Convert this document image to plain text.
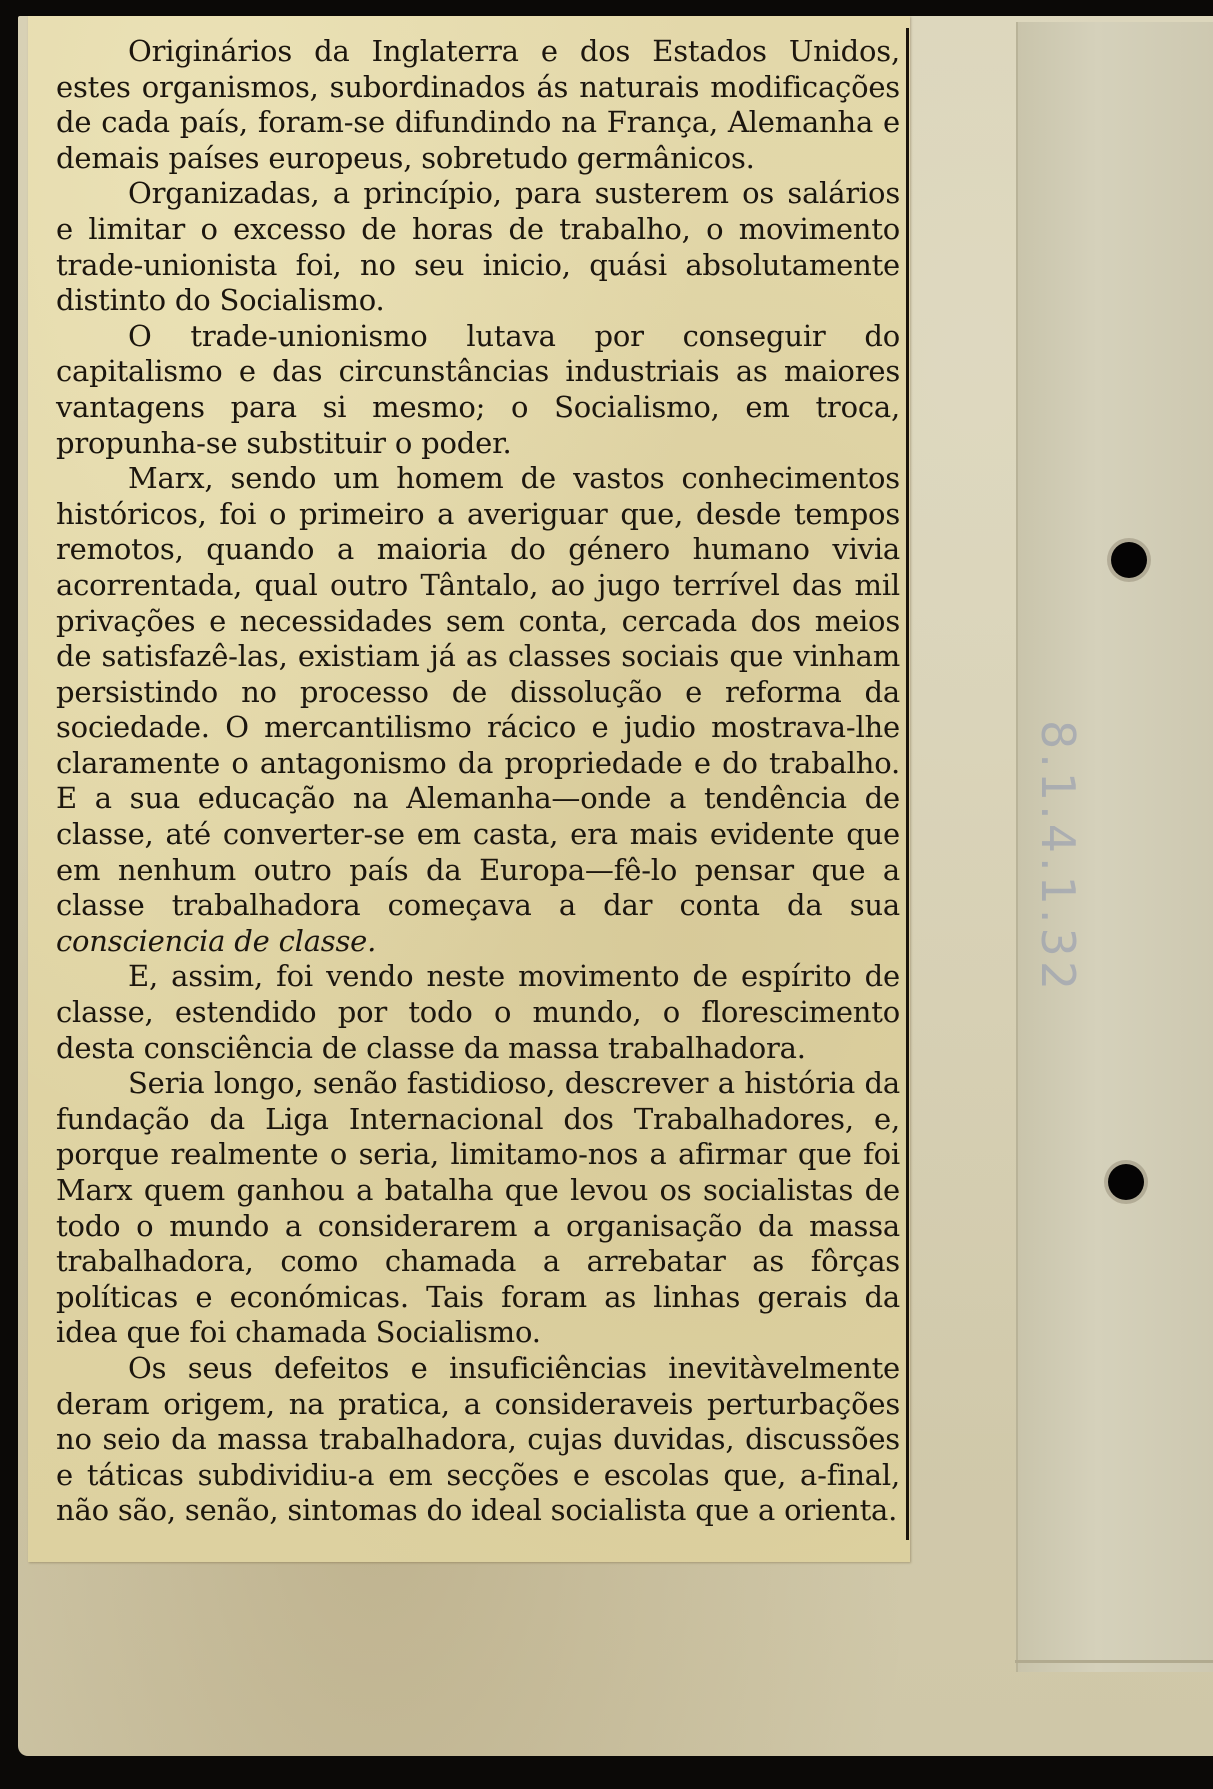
8.1.4.1.32

Originários da Inglaterra e dos Estados Unidos, estes organismos, subordinados ás naturais modificações de cada país, foram-se difundindo na França, Alemanha e demais países europeus, sobretudo germânicos.

Organizadas, a princípio, para susterem os salários e limitar o excesso de horas de trabalho, o movimento trade-unionista foi, no seu inicio, quási absolutamente distinto do Socialismo.

O trade-unionismo lutava por conseguir do capitalismo e das circunstâncias industriais as maiores vantagens para si mesmo; o Socialismo, em troca, propunha-se substituir o poder.

Marx, sendo um homem de vastos conhecimentos históricos, foi o primeiro a averiguar que, desde tempos remotos, quando a maioria do género humano vivia acorrentada, qual outro Tântalo, ao jugo terrível das mil privações e necessidades sem conta, cercada dos meios de satisfazê-las, existiam já as classes sociais que vinham persistindo no processo de dissolução e reforma da sociedade. O mercantilismo rácico e judio mostrava-lhe claramente o antagonismo da propriedade e do trabalho. E a sua educação na Alemanha—onde a tendência de classe, até converter-se em casta, era mais evidente que em nenhum outro país da Europa—fê-lo pensar que a classe trabalhadora começava a dar conta da sua consciencia de classe.

E, assim, foi vendo neste movimento de espírito de classe, estendido por todo o mundo, o florescimento desta consciência de classe da massa trabalhadora.

Seria longo, senão fastidioso, descrever a história da fundação da Liga Internacional dos Trabalhadores, e, porque realmente o seria, limitamo-nos a afirmar que foi Marx quem ganhou a batalha que levou os socialistas de todo o mundo a considerarem a organisação da massa trabalhadora, como chamada a arrebatar as fôrças políticas e económicas. Tais foram as linhas gerais da idea que foi chamada Socialismo.

Os seus defeitos e insuficiências inevitàvelmente deram origem, na pratica, a consideraveis perturbações no seio da massa trabalhadora, cujas duvidas, discussões e táticas subdividiu-a em secções e escolas que, a-final, não são, senão, sintomas do ideal socialista que a orienta.
